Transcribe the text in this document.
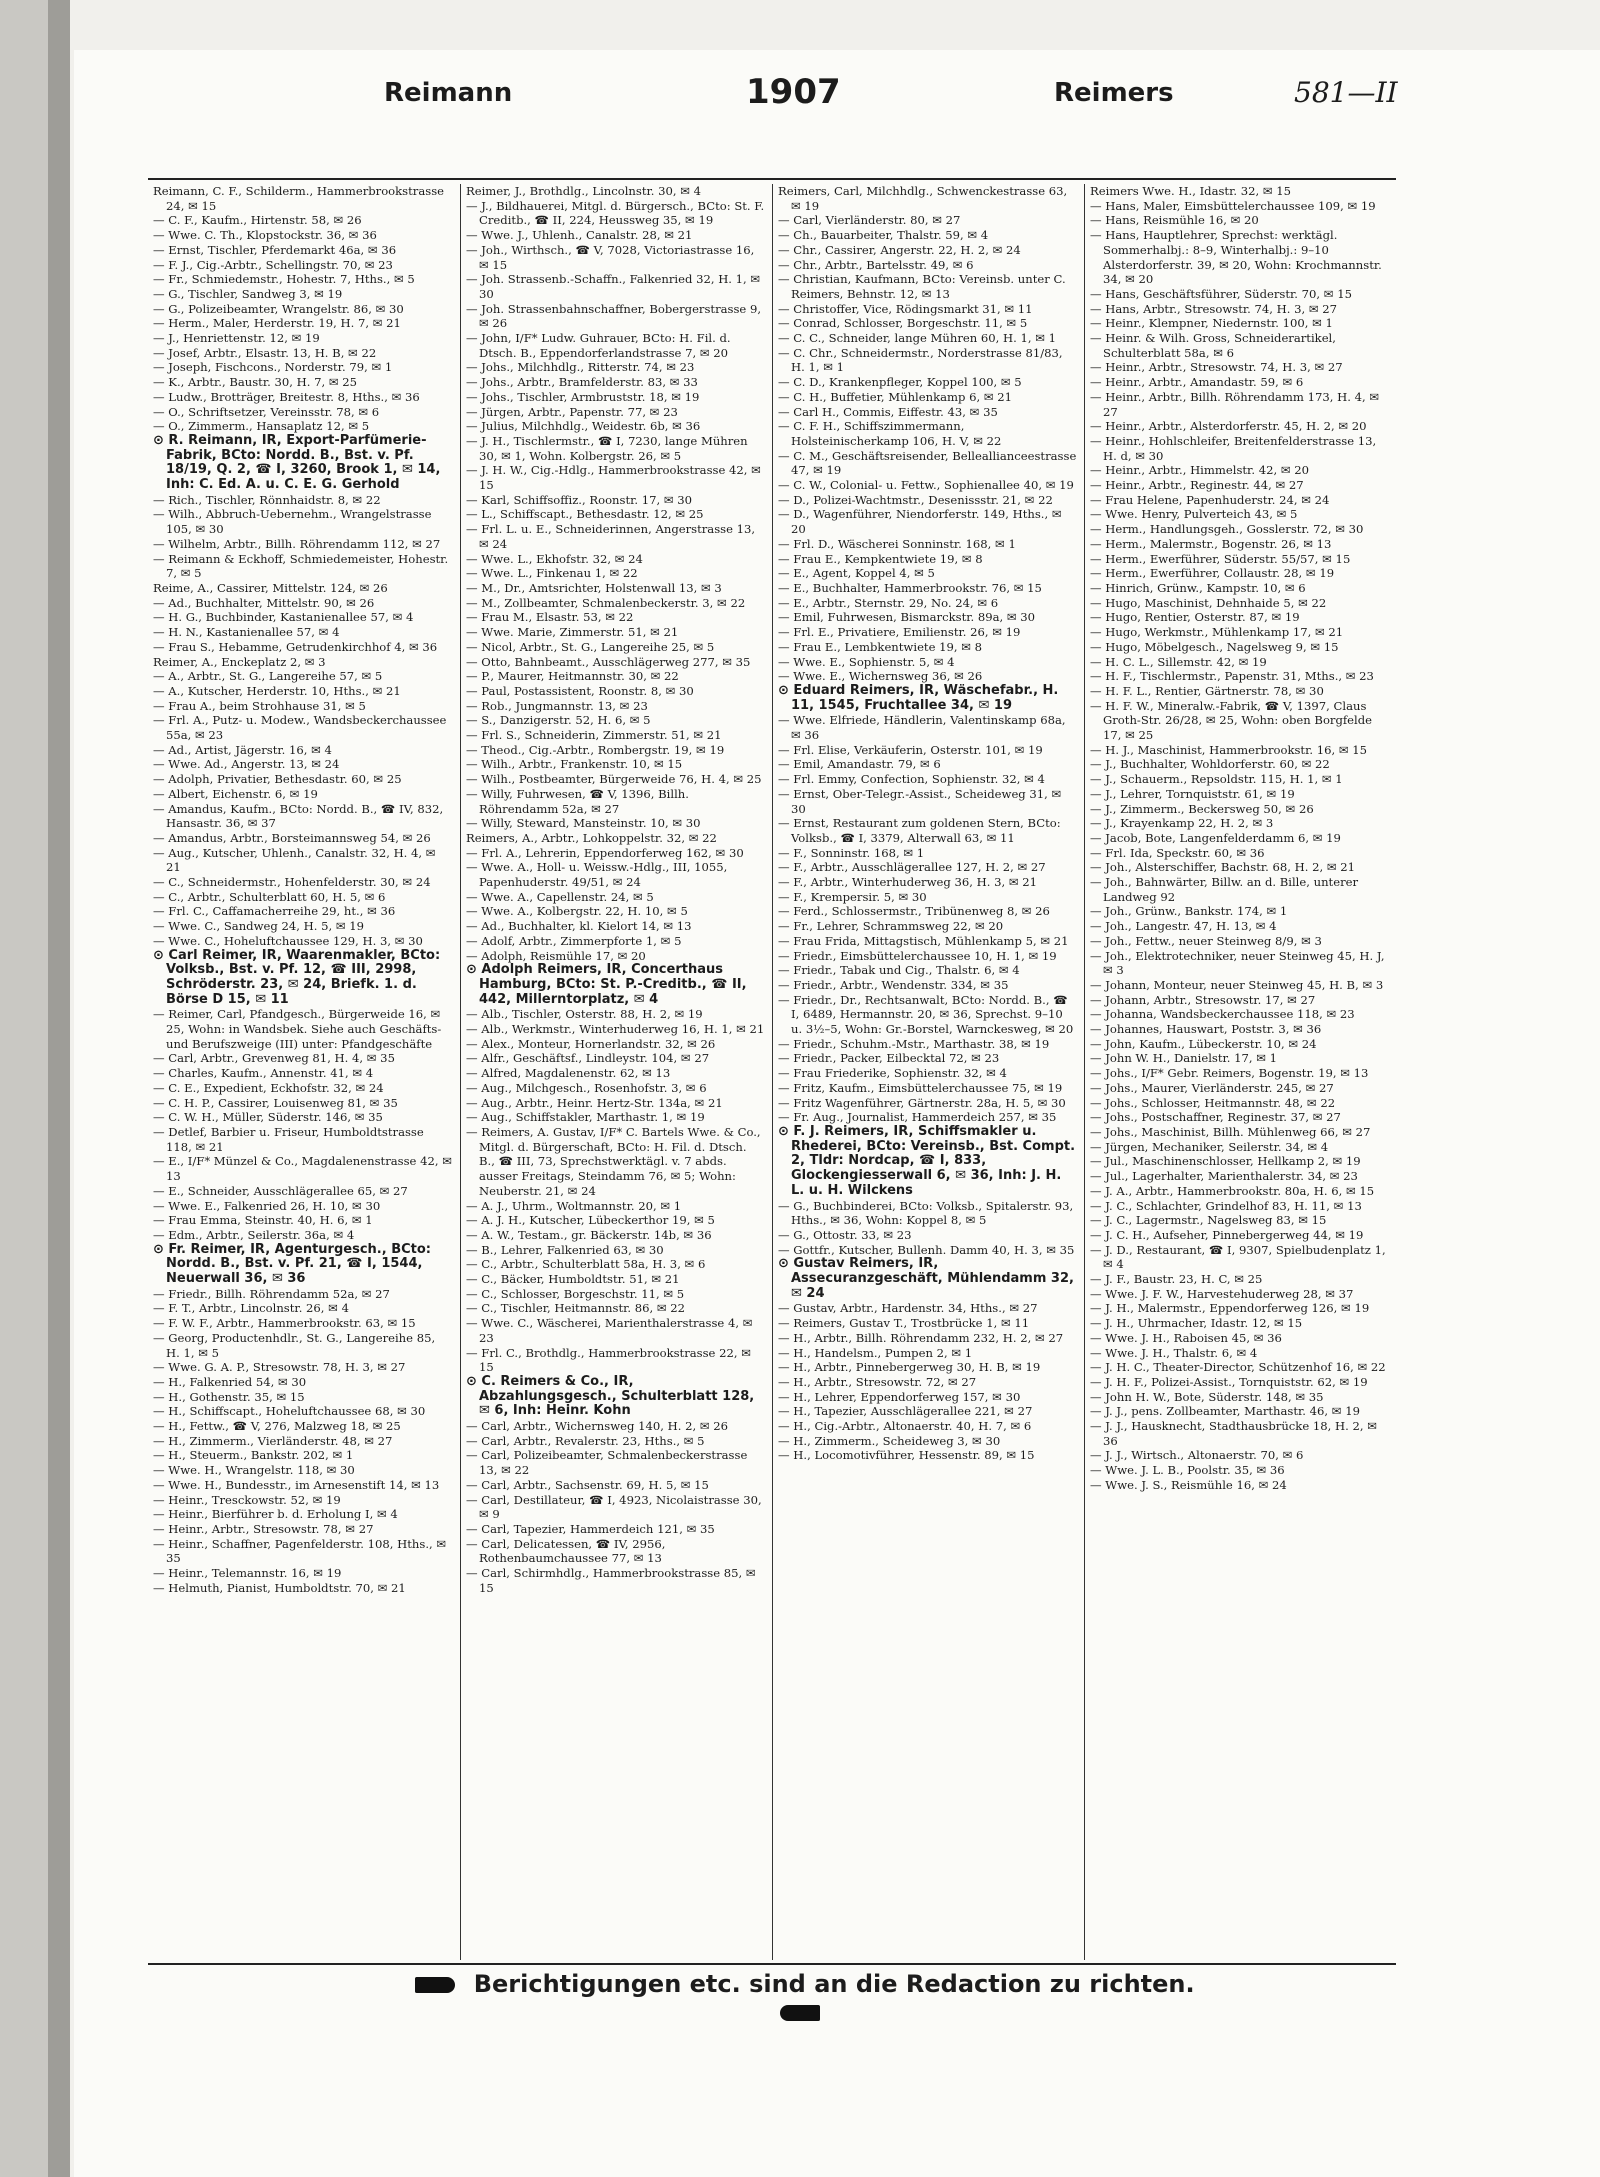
Reimann	1907	Reimers	581—II
Reimann, C. F., Schilderm., Hammerbrookstrasse 24, ✉ 15
— C. F., Kaufm., Hirtenstr. 58, ✉ 26
— Wwe. C. Th., Klopstockstr. 36, ✉ 36
— Ernst, Tischler, Pferdemarkt 46a, ✉ 36
— F. J., Cig.-Arbtr., Schellingstr. 70, ✉ 23
— Fr., Schmiedemstr., Hohestr. 7, Hths., ✉ 5
— G., Tischler, Sandweg 3, ✉ 19
— G., Polizeibeamter, Wrangelstr. 86, ✉ 30
— Herm., Maler, Herderstr. 19, H. 7, ✉ 21
— J., Henriettenstr. 12, ✉ 19
— Josef, Arbtr., Elsastr. 13, H. B, ✉ 22
— Joseph, Fischcons., Norderstr. 79, ✉ 1
— K., Arbtr., Baustr. 30, H. 7, ✉ 25
— Ludw., Brotträger, Breitestr. 8, Hths., ✉ 36
— O., Schriftsetzer, Vereinsstr. 78, ✉ 6
— O., Zimmerm., Hansaplatz 12, ✉ 5
⊙ R. Reimann, IR, Export-Parfümerie-Fabrik, BCto: Nordd. B., Bst. v. Pf. 18/19, Q. 2, ☎ I, 3260, Brook 1, ✉ 14, Inh: C. Ed. A. u. C. E. G. Gerhold
— Rich., Tischler, Rönnhaidstr. 8, ✉ 22
— Wilh., Abbruch-Uebernehm., Wrangelstrasse 105, ✉ 30
— Wilhelm, Arbtr., Billh. Röhrendamm 112, ✉ 27
— Reimann & Eckhoff, Schmiedemeister, Hohestr. 7, ✉ 5
Reime, A., Cassirer, Mittelstr. 124, ✉ 26
— Ad., Buchhalter, Mittelstr. 90, ✉ 26
— H. G., Buchbinder, Kastanienallee 57, ✉ 4
— H. N., Kastanienallee 57, ✉ 4
— Frau S., Hebamme, Getrudenkirchhof 4, ✉ 36
Reimer, A., Enckeplatz 2, ✉ 3
— A., Arbtr., St. G., Langereihe 57, ✉ 5
— A., Kutscher, Herderstr. 10, Hths., ✉ 21
— Frau A., beim Strohhause 31, ✉ 5
— Frl. A., Putz- u. Modew., Wandsbeckerchaussee 55a, ✉ 23
— Ad., Artist, Jägerstr. 16, ✉ 4
— Wwe. Ad., Angerstr. 13, ✉ 24
— Adolph, Privatier, Bethesdastr. 60, ✉ 25
— Albert, Eichenstr. 6, ✉ 19
— Amandus, Kaufm., BCto: Nordd. B., ☎ IV, 832, Hansastr. 36, ✉ 37
— Amandus, Arbtr., Borsteimannsweg 54, ✉ 26
— Aug., Kutscher, Uhlenh., Canalstr. 32, H. 4, ✉ 21
— C., Schneidermstr., Hohenfelderstr. 30, ✉ 24
— C., Arbtr., Schulterblatt 60, H. 5, ✉ 6
— Frl. C., Caffamacherreihe 29, ht., ✉ 36
— Wwe. C., Sandweg 24, H. 5, ✉ 19
— Wwe. C., Hoheluftchaussee 129, H. 3, ✉ 30
⊙ Carl Reimer, IR, Waarenmakler, BCto: Volksb., Bst. v. Pf. 12, ☎ III, 2998, Schröderstr. 23, ✉ 24, Briefk. 1. d. Börse D 15, ✉ 11
— Reimer, Carl, Pfandgesch., Bürgerweide 16, ✉ 25, Wohn: in Wandsbek. Siehe auch Geschäfts- und Berufszweige (III) unter: Pfandgeschäfte
— Carl, Arbtr., Grevenweg 81, H. 4, ✉ 35
— Charles, Kaufm., Annenstr. 41, ✉ 4
— C. E., Expedient, Eckhofstr. 32, ✉ 24
— C. H. P., Cassirer, Louisenweg 81, ✉ 35
— C. W. H., Müller, Süderstr. 146, ✉ 35
— Detlef, Barbier u. Friseur, Humboldtstrasse 118, ✉ 21
— E., I/F* Münzel & Co., Magdalenenstrasse 42, ✉ 13
— E., Schneider, Ausschlägerallee 65, ✉ 27
— Wwe. E., Falkenried 26, H. 10, ✉ 30
— Frau Emma, Steinstr. 40, H. 6, ✉ 1
— Edm., Arbtr., Seilerstr. 36a, ✉ 4
⊙ Fr. Reimer, IR, Agenturgesch., BCto: Nordd. B., Bst. v. Pf. 21, ☎ I, 1544, Neuerwall 36, ✉ 36
— Friedr., Billh. Röhrendamm 52a, ✉ 27
— F. T., Arbtr., Lincolnstr. 26, ✉ 4
— F. W. F., Arbtr., Hammerbrookstr. 63, ✉ 15
— Georg, Productenhdlr., St. G., Langereihe 85, H. 1, ✉ 5
— Wwe. G. A. P., Stresowstr. 78, H. 3, ✉ 27
— H., Falkenried 54, ✉ 30
— H., Gothenstr. 35, ✉ 15
— H., Schiffscapt., Hoheluftchaussee 68, ✉ 30
— H., Fettw., ☎ V, 276, Malzweg 18, ✉ 25
— H., Zimmerm., Vierländerstr. 48, ✉ 27
— H., Steuerm., Bankstr. 202, ✉ 1
— Wwe. H., Wrangelstr. 118, ✉ 30
— Wwe. H., Bundesstr., im Arnesenstift 14, ✉ 13
— Heinr., Tresckowstr. 52, ✉ 19
— Heinr., Bierführer b. d. Erholung I, ✉ 4
— Heinr., Arbtr., Stresowstr. 78, ✉ 27
— Heinr., Schaffner, Pagenfelderstr. 108, Hths., ✉ 35
— Heinr., Telemannstr. 16, ✉ 19
— Helmuth, Pianist, Humboldtstr. 70, ✉ 21
Reimer, J., Brothdlg., Lincolnstr. 30, ✉ 4
— J., Bildhauerei, Mitgl. d. Bürgersch., BCto: St. F. Creditb., ☎ II, 224, Heussweg 35, ✉ 19
— Wwe. J., Uhlenh., Canalstr. 28, ✉ 21
— Joh., Wirthsch., ☎ V, 7028, Victoriastrasse 16, ✉ 15
— Joh. Strassenb.-Schaffn., Falkenried 32, H. 1, ✉ 30
— Joh. Strassenbahnschaffner, Bobergerstrasse 9, ✉ 26
— John, I/F* Ludw. Guhrauer, BCto: H. Fil. d. Dtsch. B., Eppendorferlandstrasse 7, ✉ 20
— Johs., Milchhdlg., Ritterstr. 74, ✉ 23
— Johs., Arbtr., Bramfelderstr. 83, ✉ 33
— Johs., Tischler, Armbruststr. 18, ✉ 19
— Jürgen, Arbtr., Papenstr. 77, ✉ 23
— Julius, Milchhdlg., Weidestr. 6b, ✉ 36
— J. H., Tischlermstr., ☎ I, 7230, lange Mühren 30, ✉ 1, Wohn. Kolbergstr. 26, ✉ 5
— J. H. W., Cig.-Hdlg., Hammerbrookstrasse 42, ✉ 15
— Karl, Schiffsoffiz., Roonstr. 17, ✉ 30
— L., Schiffscapt., Bethesdastr. 12, ✉ 25
— Frl. L. u. E., Schneiderinnen, Angerstrasse 13, ✉ 24
— Wwe. L., Ekhofstr. 32, ✉ 24
— Wwe. L., Finkenau 1, ✉ 22
— M., Dr., Amtsrichter, Holstenwall 13, ✉ 3
— M., Zollbeamter, Schmalenbeckerstr. 3, ✉ 22
— Frau M., Elsastr. 53, ✉ 22
— Wwe. Marie, Zimmerstr. 51, ✉ 21
— Nicol, Arbtr., St. G., Langereihe 25, ✉ 5
— Otto, Bahnbeamt., Ausschlägerweg 277, ✉ 35
— P., Maurer, Heitmannstr. 30, ✉ 22
— Paul, Postassistent, Roonstr. 8, ✉ 30
— Rob., Jungmannstr. 13, ✉ 23
— S., Danzigerstr. 52, H. 6, ✉ 5
— Frl. S., Schneiderin, Zimmerstr. 51, ✉ 21
— Theod., Cig.-Arbtr., Rombergstr. 19, ✉ 19
— Wilh., Arbtr., Frankenstr. 10, ✉ 15
— Wilh., Postbeamter, Bürgerweide 76, H. 4, ✉ 25
— Willy, Fuhrwesen, ☎ V, 1396, Billh. Röhrendamm 52a, ✉ 27
— Willy, Steward, Mansteinstr. 10, ✉ 30
Reimers, A., Arbtr., Lohkoppelstr. 32, ✉ 22
— Frl. A., Lehrerin, Eppendorferweg 162, ✉ 30
— Wwe. A., Holl- u. Weissw.-Hdlg., III, 1055, Papenhuderstr. 49/51, ✉ 24
— Wwe. A., Capellenstr. 24, ✉ 5
— Wwe. A., Kolbergstr. 22, H. 10, ✉ 5
— Ad., Buchhalter, kl. Kielort 14, ✉ 13
— Adolf, Arbtr., Zimmerpforte 1, ✉ 5
— Adolph, Reismühle 17, ✉ 20
⊙ Adolph Reimers, IR, Concerthaus Hamburg, BCto: St. P.-Creditb., ☎ II, 442, Millerntorplatz, ✉ 4
— Alb., Tischler, Osterstr. 88, H. 2, ✉ 19
— Alb., Werkmstr., Winterhuderweg 16, H. 1, ✉ 21
— Alex., Monteur, Hornerlandstr. 32, ✉ 26
— Alfr., Geschäftsf., Lindleystr. 104, ✉ 27
— Alfred, Magdalenenstr. 62, ✉ 13
— Aug., Milchgesch., Rosenhofstr. 3, ✉ 6
— Aug., Arbtr., Heinr. Hertz-Str. 134a, ✉ 21
— Aug., Schiffstakler, Marthastr. 1, ✉ 19
— Reimers, A. Gustav, I/F* C. Bartels Wwe. & Co., Mitgl. d. Bürgerschaft, BCto: H. Fil. d. Dtsch. B., ☎ III, 73, Sprechstwerktägl. v. 7 abds. ausser Freitags, Steindamm 76, ✉ 5; Wohn: Neuberstr. 21, ✉ 24
— A. J., Uhrm., Woltmannstr. 20, ✉ 1
— A. J. H., Kutscher, Lübeckerthor 19, ✉ 5
— A. W., Testam., gr. Bäckerstr. 14b, ✉ 36
— B., Lehrer, Falkenried 63, ✉ 30
— C., Arbtr., Schulterblatt 58a, H. 3, ✉ 6
— C., Bäcker, Humboldtstr. 51, ✉ 21
— C., Schlosser, Borgeschstr. 11, ✉ 5
— C., Tischler, Heitmannstr. 86, ✉ 22
— Wwe. C., Wäscherei, Marienthalerstrasse 4, ✉ 23
— Frl. C., Brothdlg., Hammerbrookstrasse 22, ✉ 15
⊙ C. Reimers & Co., IR, Abzahlungsgesch., Schulterblatt 128, ✉ 6, Inh: Heinr. Kohn
— Carl, Arbtr., Wichernsweg 140, H. 2, ✉ 26
— Carl, Arbtr., Revalerstr. 23, Hths., ✉ 5
— Carl, Polizeibeamter, Schmalenbeckerstrasse 13, ✉ 22
— Carl, Arbtr., Sachsenstr. 69, H. 5, ✉ 15
— Carl, Destillateur, ☎ I, 4923, Nicolaistrasse 30, ✉ 9
— Carl, Tapezier, Hammerdeich 121, ✉ 35
— Carl, Delicatessen, ☎ IV, 2956, Rothenbaumchaussee 77, ✉ 13
— Carl, Schirmhdlg., Hammerbrookstrasse 85, ✉ 15
Reimers, Carl, Milchhdlg., Schwenckestrasse 63, ✉ 19
— Carl, Vierländerstr. 80, ✉ 27
— Ch., Bauarbeiter, Thalstr. 59, ✉ 4
— Chr., Cassirer, Angerstr. 22, H. 2, ✉ 24
— Chr., Arbtr., Bartelsstr. 49, ✉ 6
— Christian, Kaufmann, BCto: Vereinsb. unter C. Reimers, Behnstr. 12, ✉ 13
— Christoffer, Vice, Rödingsmarkt 31, ✉ 11
— Conrad, Schlosser, Borgeschstr. 11, ✉ 5
— C. C., Schneider, lange Mühren 60, H. 1, ✉ 1
— C. Chr., Schneidermstr., Norderstrasse 81/83, H. 1, ✉ 1
— C. D., Krankenpfleger, Koppel 100, ✉ 5
— C. H., Buffetier, Mühlenkamp 6, ✉ 21
— Carl H., Commis, Eiffestr. 43, ✉ 35
— C. F. H., Schiffszimmermann, Holsteinischerkamp 106, H. V, ✉ 22
— C. M., Geschäftsreisender, Belleallianceestrasse 47, ✉ 19
— C. W., Colonial- u. Fettw., Sophienallee 40, ✉ 19
— D., Polizei-Wachtmstr., Desenissstr. 21, ✉ 22
— D., Wagenführer, Niendorferstr. 149, Hths., ✉ 20
— Frl. D., Wäscherei Sonninstr. 168, ✉ 1
— Frau E., Kempkentwiete 19, ✉ 8
— E., Agent, Koppel 4, ✉ 5
— E., Buchhalter, Hammerbrookstr. 76, ✉ 15
— E., Arbtr., Sternstr. 29, No. 24, ✉ 6
— Emil, Fuhrwesen, Bismarckstr. 89a, ✉ 30
— Frl. E., Privatiere, Emilienstr. 26, ✉ 19
— Frau E., Lembkentwiete 19, ✉ 8
— Wwe. E., Sophienstr. 5, ✉ 4
— Wwe. E., Wichernsweg 36, ✉ 26
⊙ Eduard Reimers, IR, Wäschefabr., H. 11, 1545, Fruchtallee 34, ✉ 19
— Wwe. Elfriede, Händlerin, Valentinskamp 68a, ✉ 36
— Frl. Elise, Verkäuferin, Osterstr. 101, ✉ 19
— Emil, Amandastr. 79, ✉ 6
— Frl. Emmy, Confection, Sophienstr. 32, ✉ 4
— Ernst, Ober-Telegr.-Assist., Scheideweg 31, ✉ 30
— Ernst, Restaurant zum goldenen Stern, BCto: Volksb., ☎ I, 3379, Alterwall 63, ✉ 11
— F., Sonninstr. 168, ✉ 1
— F., Arbtr., Ausschlägerallee 127, H. 2, ✉ 27
— F., Arbtr., Winterhuderweg 36, H. 3, ✉ 21
— F., Krempersir. 5, ✉ 30
— Ferd., Schlossermstr., Tribünenweg 8, ✉ 26
— Fr., Lehrer, Schrammsweg 22, ✉ 20
— Frau Frida, Mittagstisch, Mühlenkamp 5, ✉ 21
— Friedr., Eimsbüttelerchaussee 10, H. 1, ✉ 19
— Friedr., Tabak und Cig., Thalstr. 6, ✉ 4
— Friedr., Arbtr., Wendenstr. 334, ✉ 35
— Friedr., Dr., Rechtsanwalt, BCto: Nordd. B., ☎ I, 6489, Hermannstr. 20, ✉ 36, Sprechst. 9–10 u. 3½–5, Wohn: Gr.-Borstel, Warnckesweg, ✉ 20
— Friedr., Schuhm.-Mstr., Marthastr. 38, ✉ 19
— Friedr., Packer, Eilbecktal 72, ✉ 23
— Frau Friederike, Sophienstr. 32, ✉ 4
— Fritz, Kaufm., Eimsbüttelerchaussee 75, ✉ 19
— Fritz Wagenführer, Gärtnerstr. 28a, H. 5, ✉ 30
— Fr. Aug., Journalist, Hammerdeich 257, ✉ 35
⊙ F. J. Reimers, IR, Schiffsmakler u. Rhederei, BCto: Vereinsb., Bst. Compt. 2, Tldr: Nordcap, ☎ I, 833, Glockengiesserwall 6, ✉ 36, Inh: J. H. L. u. H. Wilckens
— G., Buchbinderei, BCto: Volksb., Spitalerstr. 93, Hths., ✉ 36, Wohn: Koppel 8, ✉ 5
— G., Ottostr. 33, ✉ 23
— Gottfr., Kutscher, Bullenh. Damm 40, H. 3, ✉ 35
⊙ Gustav Reimers, IR, Assecuranzgeschäft, Mühlendamm 32, ✉ 24
— Gustav, Arbtr., Hardenstr. 34, Hths., ✉ 27
— Reimers, Gustav T., Trostbrücke 1, ✉ 11
— H., Arbtr., Billh. Röhrendamm 232, H. 2, ✉ 27
— H., Handelsm., Pumpen 2, ✉ 1
— H., Arbtr., Pinnebergerweg 30, H. B, ✉ 19
— H., Arbtr., Stresowstr. 72, ✉ 27
— H., Lehrer, Eppendorferweg 157, ✉ 30
— H., Tapezier, Ausschlägerallee 221, ✉ 27
— H., Cig.-Arbtr., Altonaerstr. 40, H. 7, ✉ 6
— H., Zimmerm., Scheideweg 3, ✉ 30
— H., Locomotivführer, Hessenstr. 89, ✉ 15
Reimers Wwe. H., Idastr. 32, ✉ 15
— Hans, Maler, Eimsbüttelerchaussee 109, ✉ 19
— Hans, Reismühle 16, ✉ 20
— Hans, Hauptlehrer, Sprechst: werktägl. Sommerhalbj.: 8–9, Winterhalbj.: 9–10 Alsterdorferstr. 39, ✉ 20, Wohn: Krochmannstr. 34, ✉ 20
— Hans, Geschäftsführer, Süderstr. 70, ✉ 15
— Hans, Arbtr., Stresowstr. 74, H. 3, ✉ 27
— Heinr., Klempner, Niedernstr. 100, ✉ 1
— Heinr. & Wilh. Gross, Schneiderartikel, Schulterblatt 58a, ✉ 6
— Heinr., Arbtr., Stresowstr. 74, H. 3, ✉ 27
— Heinr., Arbtr., Amandastr. 59, ✉ 6
— Heinr., Arbtr., Billh. Röhrendamm 173, H. 4, ✉ 27
— Heinr., Arbtr., Alsterdorferstr. 45, H. 2, ✉ 20
— Heinr., Hohlschleifer, Breitenfelderstrasse 13, H. d, ✉ 30
— Heinr., Arbtr., Himmelstr. 42, ✉ 20
— Heinr., Arbtr., Reginestr. 44, ✉ 27
— Frau Helene, Papenhuderstr. 24, ✉ 24
— Wwe. Henry, Pulverteich 43, ✉ 5
— Herm., Handlungsgeh., Gosslerstr. 72, ✉ 30
— Herm., Malermstr., Bogenstr. 26, ✉ 13
— Herm., Ewerführer, Süderstr. 55/57, ✉ 15
— Herm., Ewerführer, Collaustr. 28, ✉ 19
— Hinrich, Grünw., Kampstr. 10, ✉ 6
— Hugo, Maschinist, Dehnhaide 5, ✉ 22
— Hugo, Rentier, Osterstr. 87, ✉ 19
— Hugo, Werkmstr., Mühlenkamp 17, ✉ 21
— Hugo, Möbelgesch., Nagelsweg 9, ✉ 15
— H. C. L., Sillemstr. 42, ✉ 19
— H. F., Tischlermstr., Papenstr. 31, Mths., ✉ 23
— H. F. L., Rentier, Gärtnerstr. 78, ✉ 30
— H. F. W., Mineralw.-Fabrik, ☎ V, 1397, Claus Groth-Str. 26/28, ✉ 25, Wohn: oben Borgfelde 17, ✉ 25
— H. J., Maschinist, Hammerbrookstr. 16, ✉ 15
— J., Buchhalter, Wohldorferstr. 60, ✉ 22
— J., Schauerm., Repsoldstr. 115, H. 1, ✉ 1
— J., Lehrer, Tornquiststr. 61, ✉ 19
— J., Zimmerm., Beckersweg 50, ✉ 26
— J., Krayenkamp 22, H. 2, ✉ 3
— Jacob, Bote, Langenfelderdamm 6, ✉ 19
— Frl. Ida, Speckstr. 60, ✉ 36
— Joh., Alsterschiffer, Bachstr. 68, H. 2, ✉ 21
— Joh., Bahnwärter, Billw. an d. Bille, unterer Landweg 92
— Joh., Grünw., Bankstr. 174, ✉ 1
— Joh., Langestr. 47, H. 13, ✉ 4
— Joh., Fettw., neuer Steinweg 8/9, ✉ 3
— Joh., Elektrotechniker, neuer Steinweg 45, H. J, ✉ 3
— Johann, Monteur, neuer Steinweg 45, H. B, ✉ 3
— Johann, Arbtr., Stresowstr. 17, ✉ 27
— Johanna, Wandsbeckerchaussee 118, ✉ 23
— Johannes, Hauswart, Poststr. 3, ✉ 36
— John, Kaufm., Lübeckerstr. 10, ✉ 24
— John W. H., Danielstr. 17, ✉ 1
— Johs., I/F* Gebr. Reimers, Bogenstr. 19, ✉ 13
— Johs., Maurer, Vierländerstr. 245, ✉ 27
— Johs., Schlosser, Heitmannstr. 48, ✉ 22
— Johs., Postschaffner, Reginestr. 37, ✉ 27
— Johs., Maschinist, Billh. Mühlenweg 66, ✉ 27
— Jürgen, Mechaniker, Seilerstr. 34, ✉ 4
— Jul., Maschinenschlosser, Hellkamp 2, ✉ 19
— Jul., Lagerhalter, Marienthalerstr. 34, ✉ 23
— J. A., Arbtr., Hammerbrookstr. 80a, H. 6, ✉ 15
— J. C., Schlachter, Grindelhof 83, H. 11, ✉ 13
— J. C., Lagermstr., Nagelsweg 83, ✉ 15
— J. C. H., Aufseher, Pinnebergerweg 44, ✉ 19
— J. D., Restaurant, ☎ I, 9307, Spielbudenplatz 1, ✉ 4
— J. F., Baustr. 23, H. C, ✉ 25
— Wwe. J. F. W., Harvestehuderweg 28, ✉ 37
— J. H., Malermstr., Eppendorferweg 126, ✉ 19
— J. H., Uhrmacher, Idastr. 12, ✉ 15
— Wwe. J. H., Raboisen 45, ✉ 36
— Wwe. J. H., Thalstr. 6, ✉ 4
— J. H. C., Theater-Director, Schützenhof 16, ✉ 22
— J. H. F., Polizei-Assist., Tornquiststr. 62, ✉ 19
— John H. W., Bote, Süderstr. 148, ✉ 35
— J. J., pens. Zollbeamter, Marthastr. 46, ✉ 19
— J. J., Hausknecht, Stadthausbrücke 18, H. 2, ✉ 36
— J. J., Wirtsch., Altonaerstr. 70, ✉ 6
— Wwe. J. L. B., Poolstr. 35, ✉ 36
— Wwe. J. S., Reismühle 16, ✉ 24
Berichtigungen etc. sind an die Redaction zu richten.
